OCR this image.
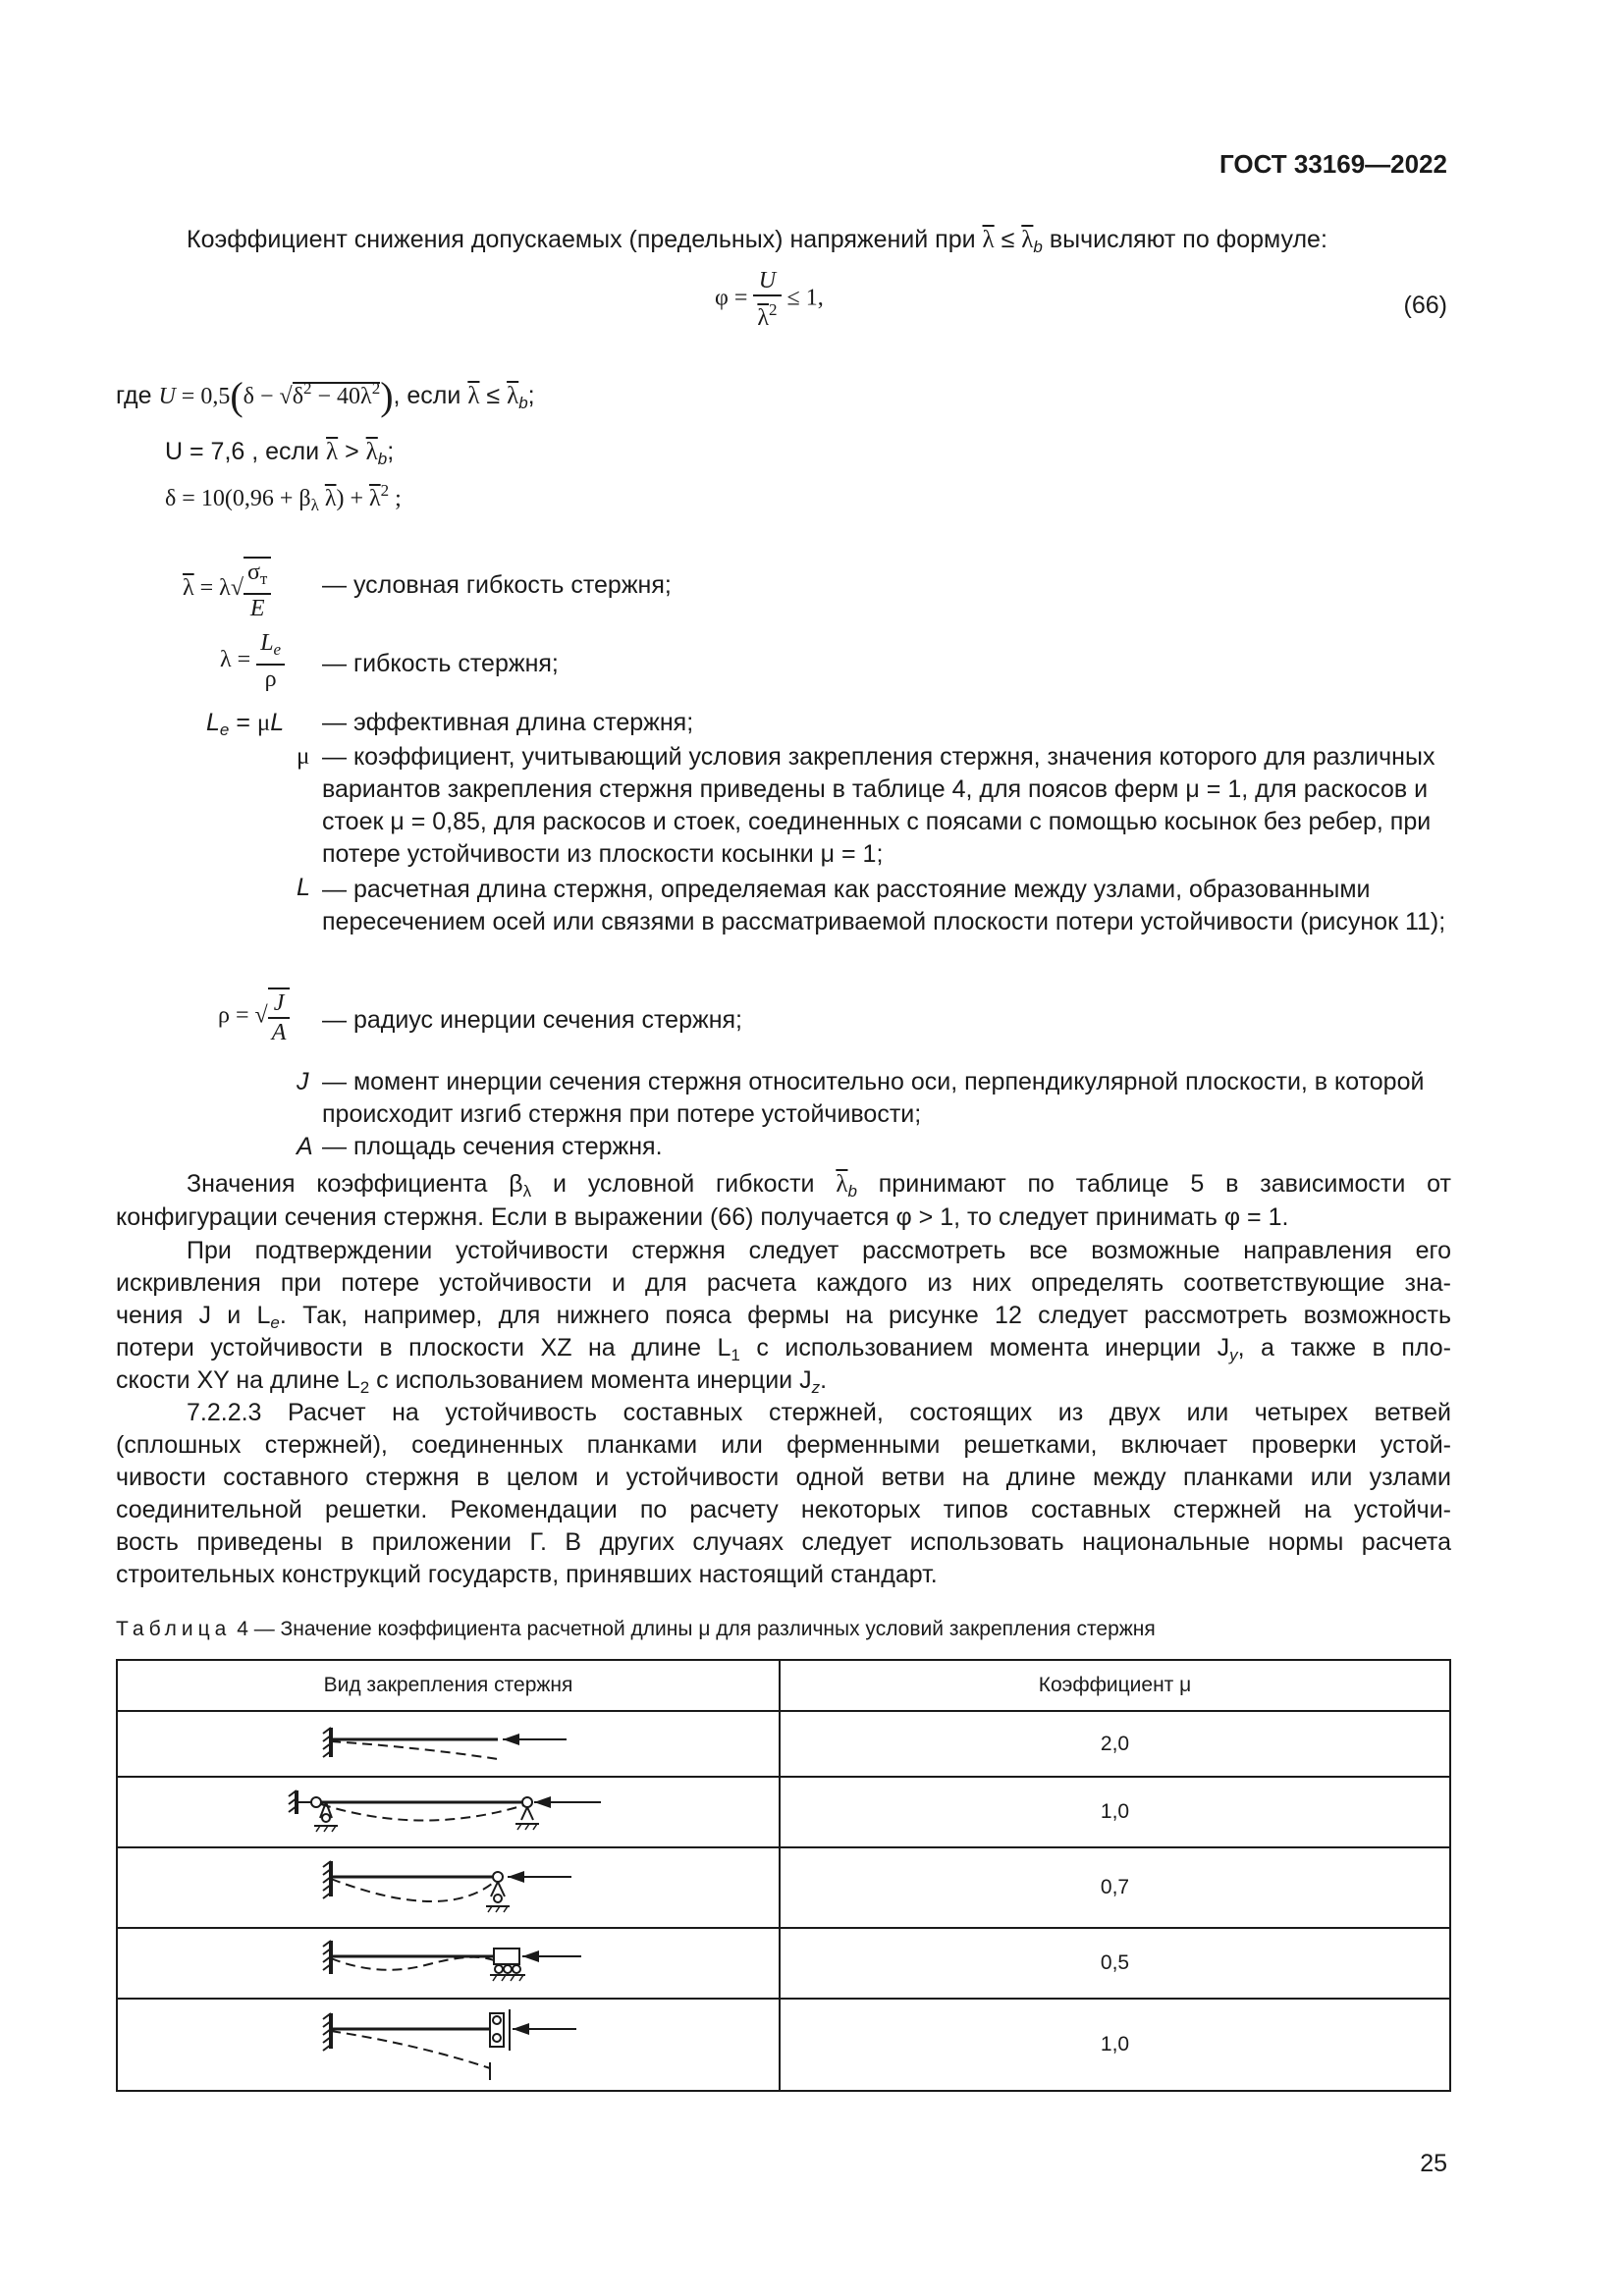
ГОСТ 33169—2022
Коэффициент снижения допускаемых (предельных) напряжений при $\overline{\lambda} \le \overline{\lambda}_b$ вычисляют по формуле:
$\varphi = \frac{U}{\overline{\lambda}^2} \le 1$,	(66)
где $U = 0,5(\delta - √\delta^2 - 40\overline{\lambda}^2)$, если $\overline{\lambda} \le \overline{\lambda}_b$;
U = 7,6 , если $\overline{\lambda} > \overline{\lambda}_b$;
$\delta = 10(0,96 + \beta_\lambda$ $\overline{\lambda}) + \overline{\lambda}^2$ ;
$\overline{\lambda} = \lambda√ \frac{\sigma_т}{E}$ — условная гибкость стержня;
$\lambda = \frac{L_e}{\rho}$ — гибкость стержня;
$L_e = \mu L$ — эффективная длина стержня;
μ — коэффициент, учитывающий условия закрепления стержня, значения которого для различных вариантов закрепления стержня приведены в таблице 4, для поясов ферм μ = 1, для раскосов и стоек μ = 0,85, для раскосов и стоек, соединенных с поясами с помощью косынок без ребер, при потере устойчивости из плоскости косынки μ = 1;
L — расчетная длина стержня, определяемая как расстояние между узлами, образованными пересечением осей или связями в рассматриваемой плоскости потери устойчивости (рисунок 11);
ρ = √ $\frac{J}{A}$ — радиус инерции сечения стержня;
J — момент инерции сечения стержня относительно оси, перпендикулярной плоскости, в которой происходит изгиб стержня при потере устойчивости;
A — площадь сечения стержня.
Значения коэффициента $\beta_\lambda$ и условной гибкости $\overline{\lambda}_b$ принимают по таблице 5 в зависимости от
конфигурации сечения стержня. Если в выражении (66) получается φ > 1, то следует принимать φ = 1.
При подтверждении устойчивости стержня следует рассмотреть все возможные направления его
искривления при потере устойчивости и для расчета каждого из них определять соответствующие зна-
чения J и $L_e$. Так, например, для нижнего пояса фермы на рисунке 12 следует рассмотреть возможность
потери устойчивости в плоскости XZ на длине $L_1$ с использованием момента инерции $J_y$, а также в пло-
скости XY на длине $L_2$ с использованием момента инерции $J_z$.
7.2.2.3 Расчет на устойчивость составных стержней, состоящих из двух или четырех ветвей
(сплошных стержней), соединенных планками или ферменными решетками, включает проверки устой-
чивости составного стержня в целом и устойчивости одной ветви на длине между планками или узлами
соединительной решетки. Рекомендации по расчету некоторых типов составных стержней на устойчи-
вость приведены в приложении Г. В других случаях следует использовать национальные нормы расчета
строительных конструкций государств, принявших настоящий стандарт.
Таблица 4 — Значение коэффициента расчетной длины μ для различных условий закрепления стержня
Вид закрепления стержня	Коэффициент μ

	2,0

	1,0

	0,7

	0,5

	1,0
25
